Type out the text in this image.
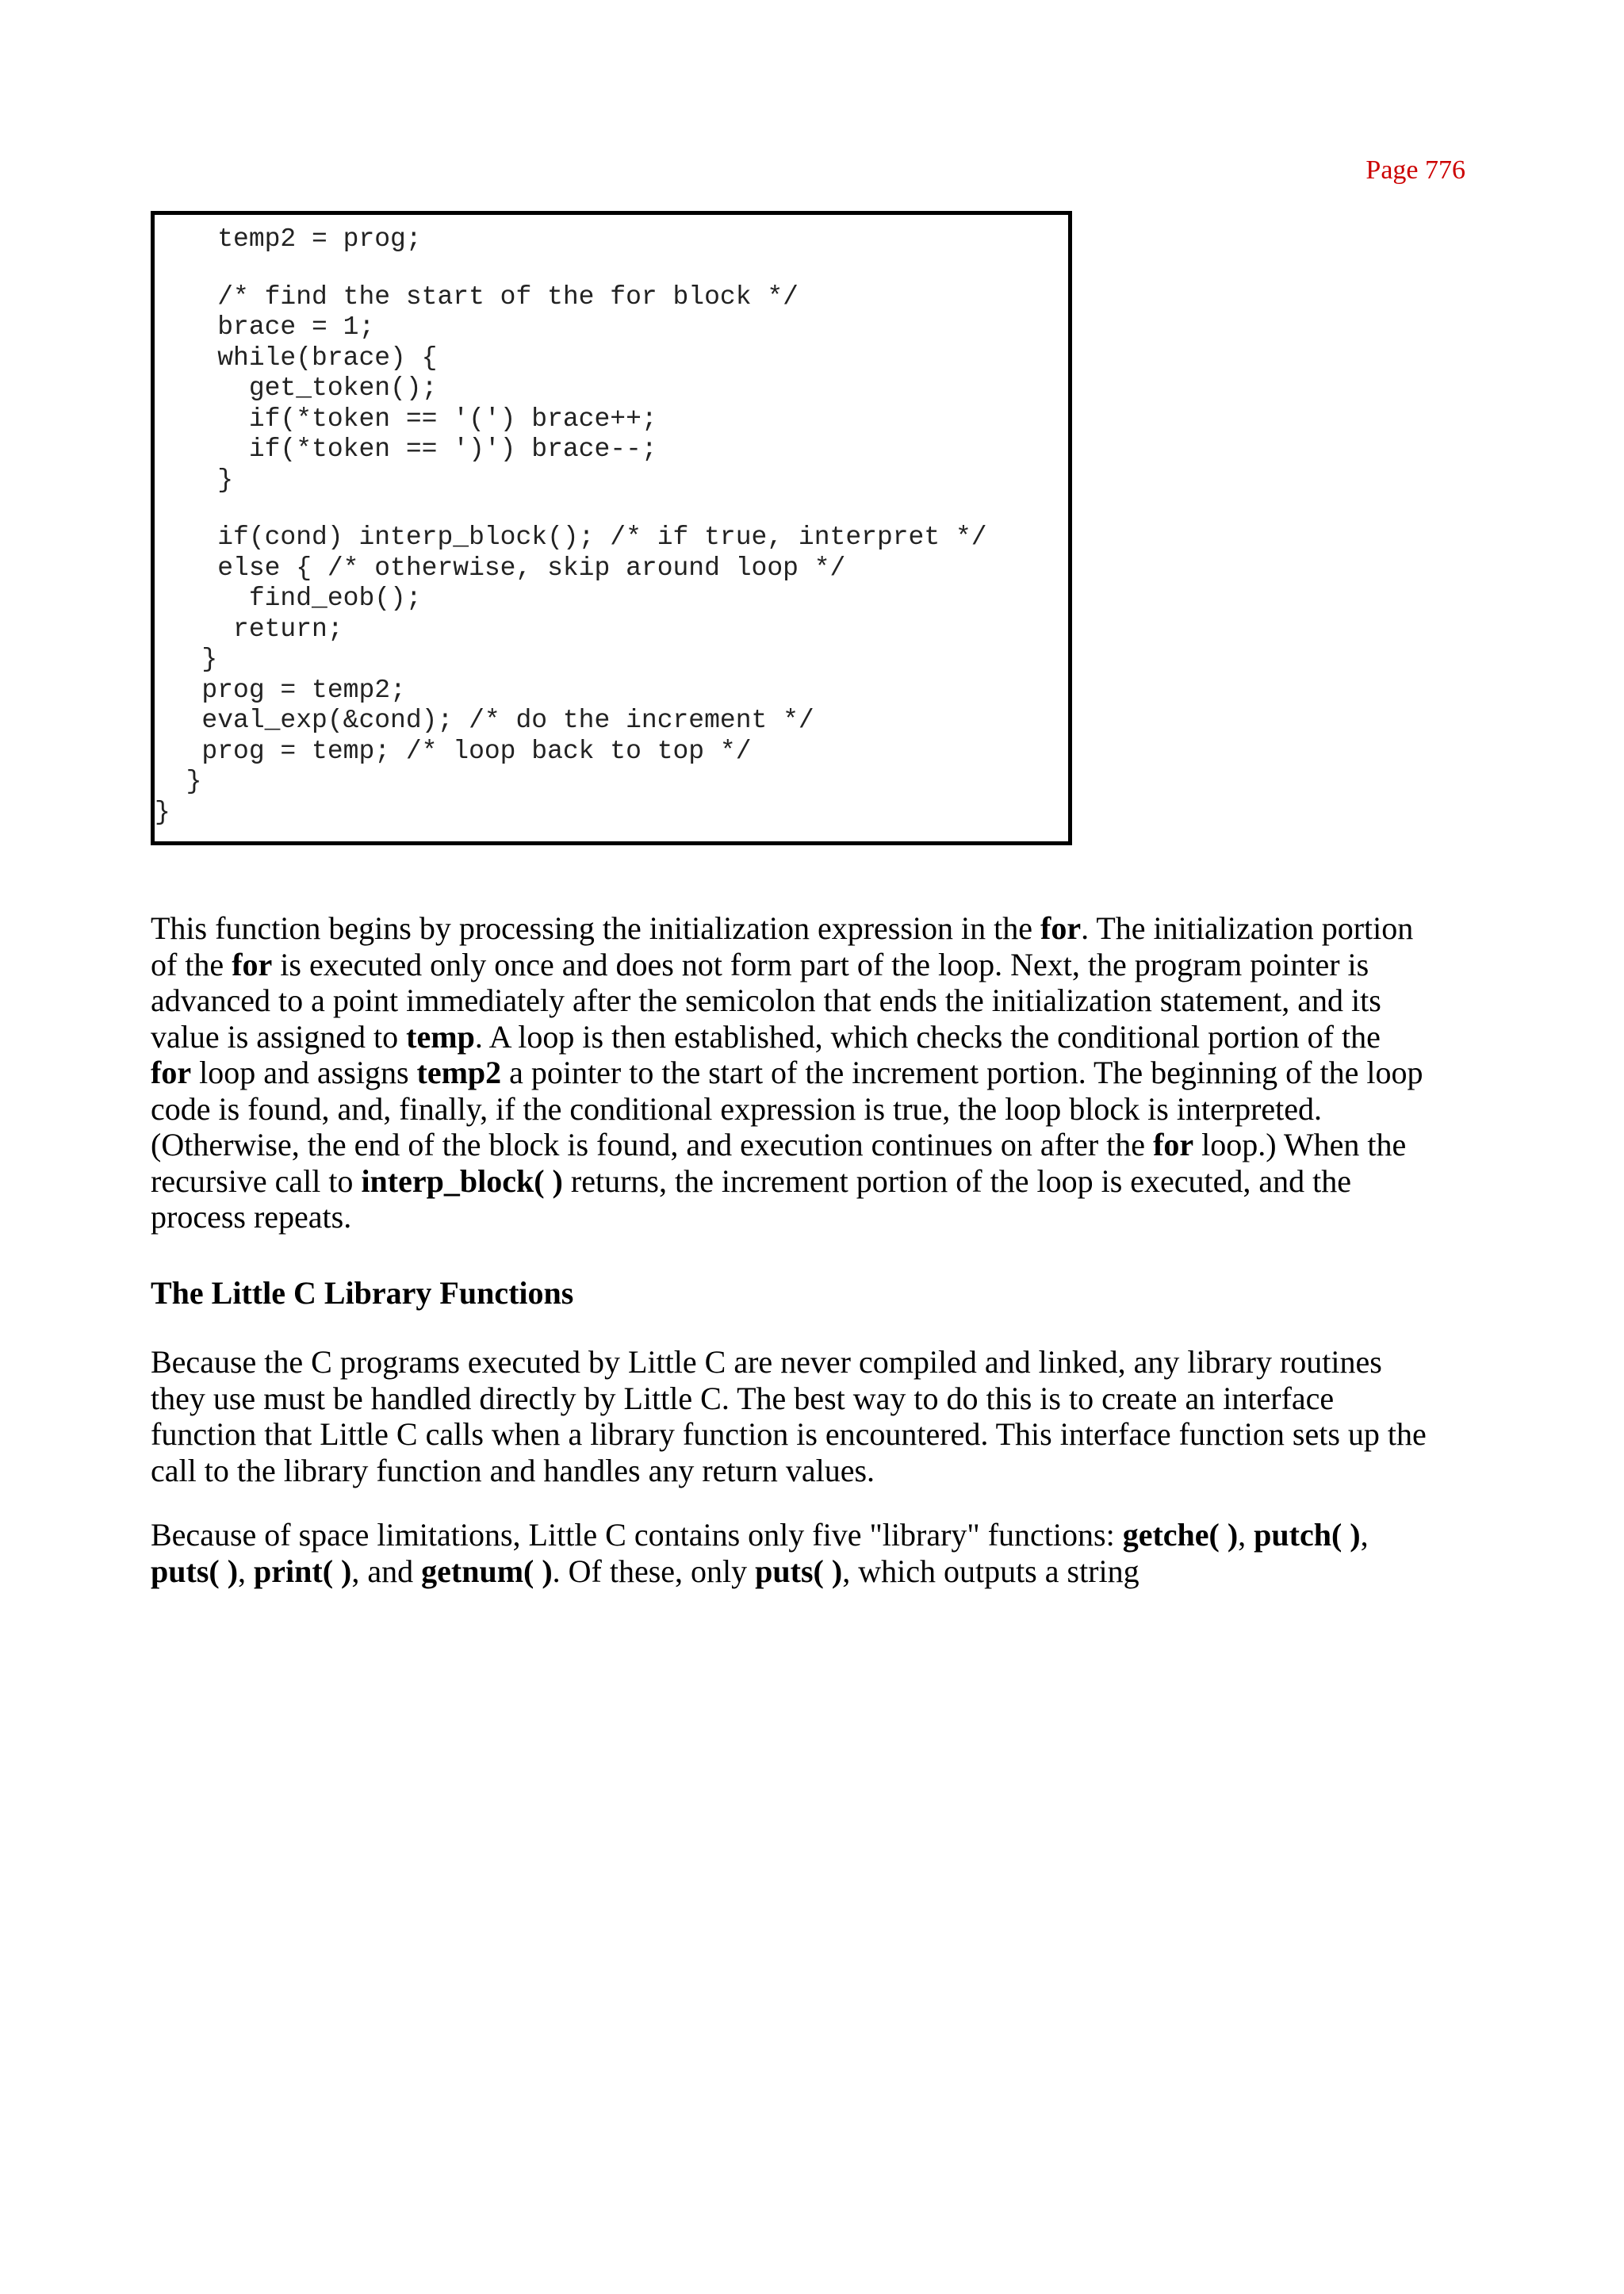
Page 776
temp2 = prog;
/* find the start of the for block */
brace = 1;
while(brace) {
get_token();
if(*token == '(') brace++;
if(*token == ')') brace--;
}
if(cond) interp_block(); /* if true, interpret */
else { /* otherwise, skip around loop */
find_eob();
return;
}
prog = temp2;
eval_exp(&cond); /* do the increment */
prog = temp; /* loop back to top */
}
}
This function begins by processing the initialization expression in the for. The initialization portion
of the for is executed only once and does not form part of the loop. Next, the program pointer is
advanced to a point immediately after the semicolon that ends the initialization statement, and its
value is assigned to temp. A loop is then established, which checks the conditional portion of the
for loop and assigns temp2 a pointer to the start of the increment portion. The beginning of the loop
code is found, and, finally, if the conditional expression is true, the loop block is interpreted.
(Otherwise, the end of the block is found, and execution continues on after the for loop.) When the
recursive call to interp_block( ) returns, the increment portion of the loop is executed, and the
process repeats.
The Little C Library Functions
Because the C programs executed by Little C are never compiled and linked, any library routines
they use must be handled directly by Little C. The best way to do this is to create an interface
function that Little C calls when a library function is encountered. This interface function sets up the
call to the library function and handles any return values.
Because of space limitations, Little C contains only five "library" functions: getche( ), putch( ),
puts( ), print( ), and getnum( ). Of these, only puts( ), which outputs a string
